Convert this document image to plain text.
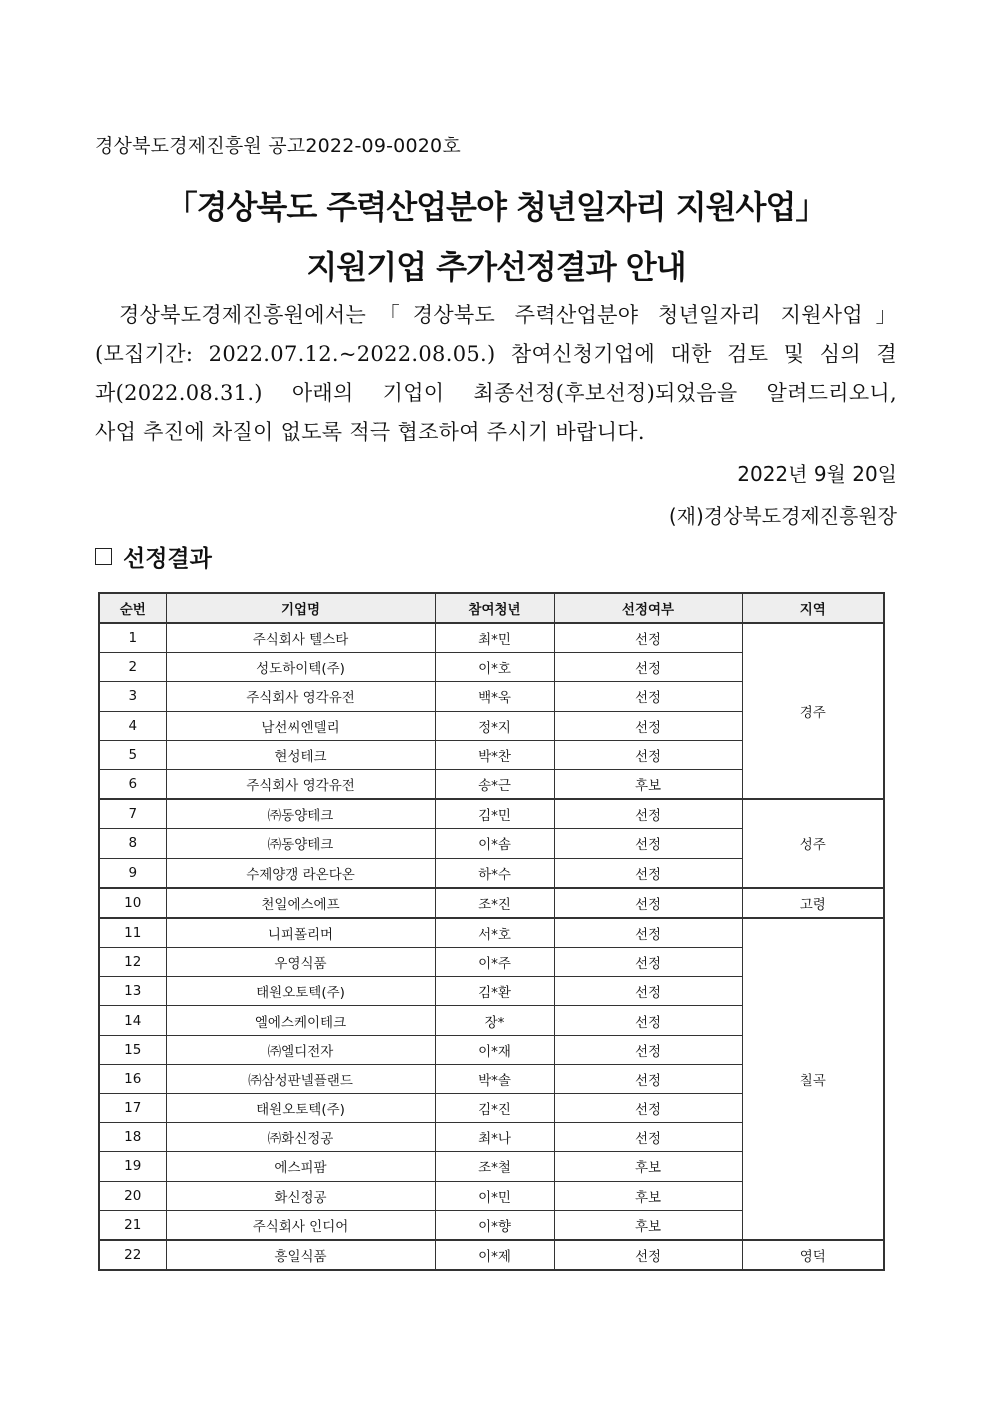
경상북도경제진흥원 공고2022-09-0020호
「경상북도 주력산업분야 청년일자리 지원사업」
지원기업 추가선정결과 안내
경상북도경제진흥원에서는「경상북도 주력산업분야 청년일자리 지원사업」
(모집기간: 2022.07.12.~2022.08.05.) 참여신청기업에 대한 검토 및 심의 결
과(2022.08.31.) 아래의 기업이 최종선정(후보선정)되었음을 알려드리오니,
사업 추진에 차질이 없도록 적극 협조하여 주시기 바랍니다.
2022년 9월 20일
(재)경상북도경제진흥원장
선정결과
순번	기업명	참여청년	선정여부	지역
1	주식회사 텔스타	최*민	선정	경주
2	성도하이텍(주)	이*호	선정	
3	주식회사 영각유전	백*욱	선정	
4	남선씨엔델리	정*지	선정	
5	현성테크	박*찬	선정	
6	주식회사 영각유전	송*근	후보	
7	㈜동양테크	김*민	선정	성주
8	㈜동양테크	이*솜	선정	
9	수제양갱 라온다온	하*수	선정	
10	천일에스에프	조*진	선정	고령
11	니피폴리머	서*호	선정	칠곡
12	우영식품	이*주	선정	
13	태원오토텍(주)	김*환	선정	
14	엘에스케이테크	장*	선정	
15	㈜엘디전자	이*재	선정	
16	㈜삼성판넬플랜드	박*솔	선정	
17	태원오토텍(주)	김*진	선정	
18	㈜화신정공	최*나	선정	
19	에스피팜	조*철	후보	
20	화신정공	이*민	후보	
21	주식회사 인디어	이*향	후보	
22	흥일식품	이*제	선정	영덕
